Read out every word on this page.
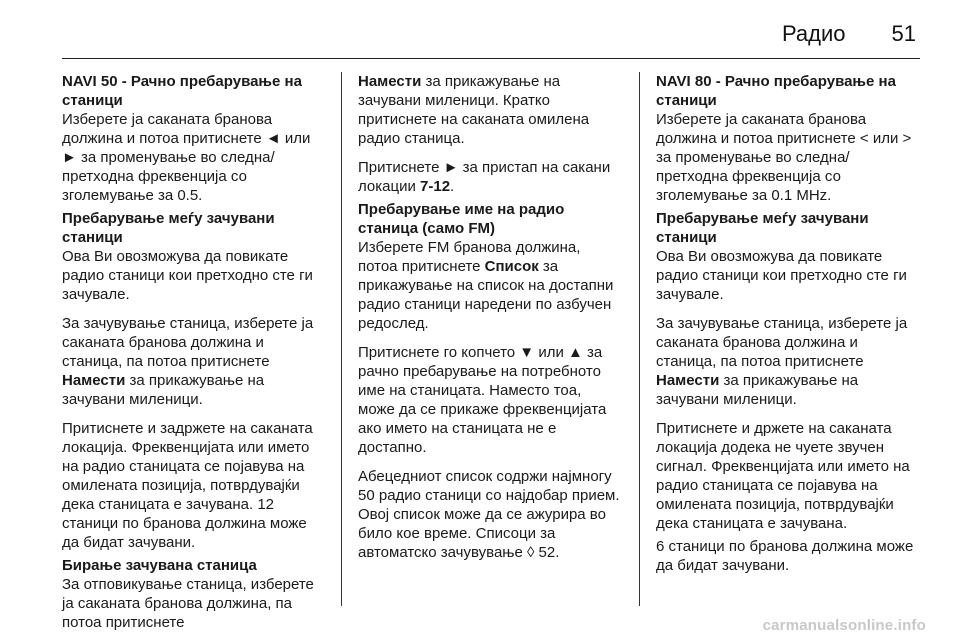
Радио 51
NAVI 50 - Рачно пребарување на станици
Изберете ја саканата бранова должина и потоа притиснете ◄ или ► за променување во следна/претходна фреквенција со зголемување за 0.5.
Пребарување меѓу зачувани станици
Ова Ви овозможува да повикате радио станици кои претходно сте ги зачувале.
За зачувување станица, изберете ја саканата бранова должина и станица, па потоа притиснете Намести за прикажување на зачувани миленици.
Притиснете и задржете на саканата локација. Фреквенцијата или името на радио станицата се појавува на омилената позиција, потврдувајќи дека станицата е зачувана. 12 станици по бранова должина може да бидат зачувани.
Бирање зачувана станица
За отповикување станица, изберете ја саканата бранова должина, па потоа притиснете
Намести за прикажување на зачувани миленици. Кратко притиснете на саканата омилена радио станица.
Притиснете ► за пристап на сакани локации 7-12.
Пребарување име на радио станица (само FM)
Изберете FM бранова должина, потоа притиснете Список за прикажување на список на достапни радио станици наредени по азбучен редослед.
Притиснете го копчето ▼ или ▲ за рачно пребарување на потребното име на станицата. Наместо тоа, може да се прикаже фреквенцијата ако името на станицата не е достапно.
Абецедниот список содржи најмногу 50 радио станици со најдобар прием. Овој список може да се ажурира во било кое време. Списоци за автоматско зачувување ◊ 52.
NAVI 80 - Рачно пребарување на станици
Изберете ја саканата бранова должина и потоа притиснете < или > за променување во следна/претходна фреквенција со зголемување за 0.1 MHz.
Пребарување меѓу зачувани станици
Ова Ви овозможува да повикате радио станици кои претходно сте ги зачувале.
За зачувување станица, изберете ја саканата бранова должина и станица, па потоа притиснете Намести за прикажување на зачувани миленици.
Притиснете и држете на саканата локација додека не чуете звучен сигнал. Фреквенцијата или името на радио станицата се појавува на омилената позиција, потврдувајќи дека станицата е зачувана.
6 станици по бранова должина може да бидат зачувани.
carmanualsonline.info
